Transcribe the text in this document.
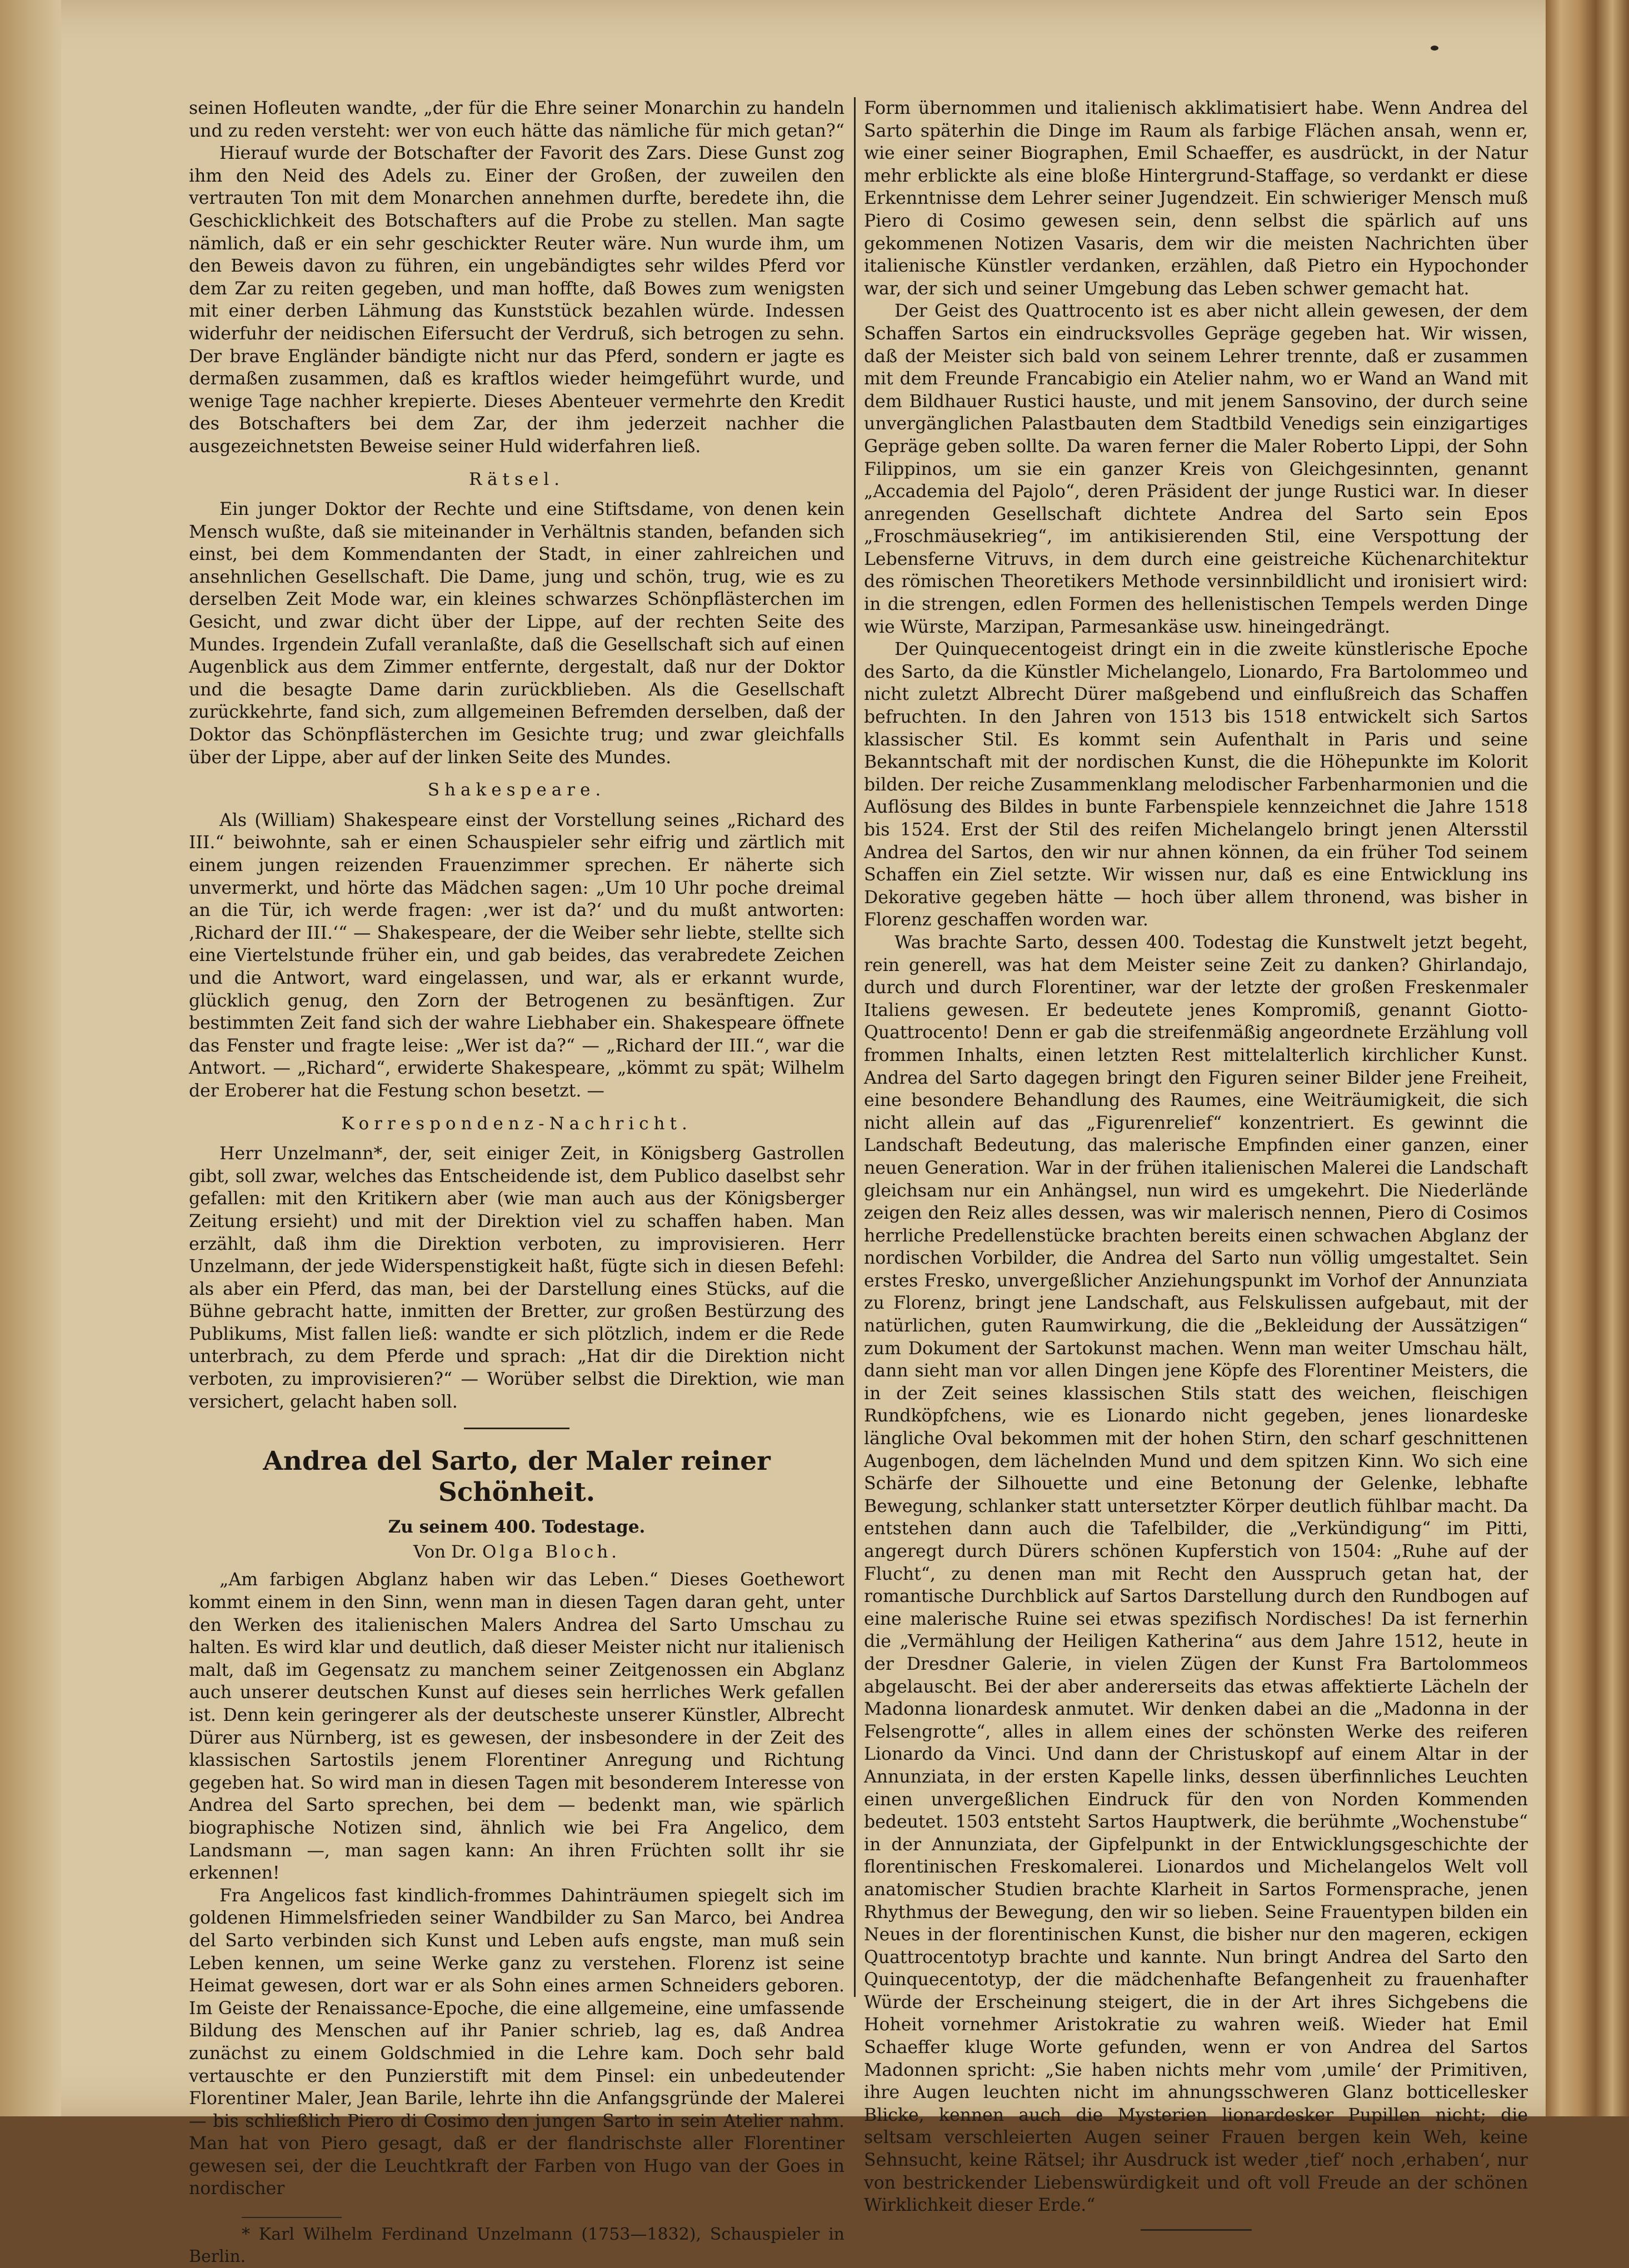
seinen Hofleuten wandte, „der für die Ehre seiner Monarchin zu handeln und zu reden versteht: wer von euch hätte das nämliche für mich getan?“

Hierauf wurde der Botschafter der Favorit des Zars. Diese Gunst zog ihm den Neid des Adels zu. Einer der Großen, der zuweilen den vertrauten Ton mit dem Monarchen annehmen durfte, beredete ihn, die Geschicklichkeit des Botschafters auf die Probe zu stellen. Man sagte nämlich, daß er ein sehr geschickter Reuter wäre. Nun wurde ihm, um den Beweis davon zu führen, ein ungebändigtes sehr wildes Pferd vor dem Zar zu reiten gegeben, und man hoffte, daß Bowes zum wenigsten mit einer derben Lähmung das Kunststück bezahlen würde. Indessen widerfuhr der neidischen Eifersucht der Verdruß, sich betrogen zu sehn. Der brave Engländer bändigte nicht nur das Pferd, sondern er jagte es dermaßen zusammen, daß es kraftlos wieder heimgeführt wurde, und wenige Tage nachher krepierte. Dieses Abenteuer vermehrte den Kredit des Botschafters bei dem Zar, der ihm jederzeit nachher die ausgezeichnetsten Beweise seiner Huld widerfahren ließ.

Rätsel.

Ein junger Doktor der Rechte und eine Stiftsdame, von denen kein Mensch wußte, daß sie miteinander in Verhältnis standen, befanden sich einst, bei dem Kommendanten der Stadt, in einer zahlreichen und ansehnlichen Gesellschaft. Die Dame, jung und schön, trug, wie es zu derselben Zeit Mode war, ein kleines schwarzes Schönpflästerchen im Gesicht, und zwar dicht über der Lippe, auf der rechten Seite des Mundes. Irgendein Zufall veranlaßte, daß die Gesellschaft sich auf einen Augenblick aus dem Zimmer entfernte, dergestalt, daß nur der Doktor und die besagte Dame darin zurückblieben. Als die Gesellschaft zurückkehrte, fand sich, zum allgemeinen Befremden derselben, daß der Doktor das Schönpflästerchen im Gesichte trug; und zwar gleichfalls über der Lippe, aber auf der linken Seite des Mundes.

Shakespeare.

Als (William) Shakespeare einst der Vorstellung seines „Richard des III.“ beiwohnte, sah er einen Schauspieler sehr eifrig und zärtlich mit einem jungen reizenden Frauenzimmer sprechen. Er näherte sich unvermerkt, und hörte das Mädchen sagen: „Um 10 Uhr poche dreimal an die Tür, ich werde fragen: ‚wer ist da?‘ und du mußt antworten: ‚Richard der III.‘“ — Shakespeare, der die Weiber sehr liebte, stellte sich eine Viertelstunde früher ein, und gab beides, das verabredete Zeichen und die Antwort, ward eingelassen, und war, als er erkannt wurde, glücklich genug, den Zorn der Betrogenen zu besänftigen. Zur bestimmten Zeit fand sich der wahre Liebhaber ein. Shakespeare öffnete das Fenster und fragte leise: „Wer ist da?“ — „Richard der III.“, war die Antwort. — „Richard“, erwiderte Shakespeare, „kömmt zu spät; Wilhelm der Eroberer hat die Festung schon besetzt. —

Korrespondenz-Nachricht.

Herr Unzelmann*, der, seit einiger Zeit, in Königsberg Gastrollen gibt, soll zwar, welches das Entscheidende ist, dem Publico daselbst sehr gefallen: mit den Kritikern aber (wie man auch aus der Königsberger Zeitung ersieht) und mit der Direktion viel zu schaffen haben. Man erzählt, daß ihm die Direktion verboten, zu improvisieren. Herr Unzelmann, der jede Widerspenstigkeit haßt, fügte sich in diesen Befehl: als aber ein Pferd, das man, bei der Darstellung eines Stücks, auf die Bühne gebracht hatte, inmitten der Bretter, zur großen Bestürzung des Publikums, Mist fallen ließ: wandte er sich plötzlich, indem er die Rede unterbrach, zu dem Pferde und sprach: „Hat dir die Direktion nicht verboten, zu improvisieren?“ — Worüber selbst die Direktion, wie man versichert, gelacht haben soll.

Andrea del Sarto, der Maler reiner Schönheit.
Zu seinem 400. Todestage.
Von Dr. Olga Bloch.

„Am farbigen Abglanz haben wir das Leben.“ Dieses Goethewort kommt einem in den Sinn, wenn man in diesen Tagen daran geht, unter den Werken des italienischen Malers Andrea del Sarto Umschau zu halten. Es wird klar und deutlich, daß dieser Meister nicht nur italienisch malt, daß im Gegensatz zu manchem seiner Zeitgenossen ein Abglanz auch unserer deutschen Kunst auf dieses sein herrliches Werk gefallen ist. Denn kein geringerer als der deutscheste unserer Künstler, Albrecht Dürer aus Nürnberg, ist es gewesen, der insbesondere in der Zeit des klassischen Sartostils jenem Florentiner Anregung und Richtung gegeben hat. So wird man in diesen Tagen mit besonderem Interesse von Andrea del Sarto sprechen, bei dem — bedenkt man, wie spärlich biographische Notizen sind, ähnlich wie bei Fra Angelico, dem Landsmann —, man sagen kann: An ihren Früchten sollt ihr sie erkennen!

Fra Angelicos fast kindlich-frommes Dahinträumen spiegelt sich im goldenen Himmelsfrieden seiner Wandbilder zu San Marco, bei Andrea del Sarto verbinden sich Kunst und Leben aufs engste, man muß sein Leben kennen, um seine Werke ganz zu verstehen. Florenz ist seine Heimat gewesen, dort war er als Sohn eines armen Schneiders geboren. Im Geiste der Renaissance-Epoche, die eine allgemeine, eine umfassende Bildung des Menschen auf ihr Panier schrieb, lag es, daß Andrea zunächst zu einem Goldschmied in die Lehre kam. Doch sehr bald vertauschte er den Punzierstift mit dem Pinsel: ein unbedeutender Florentiner Maler, Jean Barile, lehrte ihn die Anfangsgründe der Malerei — bis schließlich Piero di Cosimo den jungen Sarto in sein Atelier nahm. Man hat von Piero gesagt, daß er der flandrischste aller Florentiner gewesen sei, der die Leuchtkraft der Farben von Hugo van der Goes in nordischer

* Karl Wilhelm Ferdinand Unzelmann (1753—1832), Schauspieler in Berlin.

Form übernommen und italienisch akklimatisiert habe. Wenn Andrea del Sarto späterhin die Dinge im Raum als farbige Flächen ansah, wenn er, wie einer seiner Biographen, Emil Schaeffer, es ausdrückt, in der Natur mehr erblickte als eine bloße Hintergrund-Staffage, so verdankt er diese Erkenntnisse dem Lehrer seiner Jugendzeit. Ein schwieriger Mensch muß Piero di Cosimo gewesen sein, denn selbst die spärlich auf uns gekommenen Notizen Vasaris, dem wir die meisten Nachrichten über italienische Künstler verdanken, erzählen, daß Pietro ein Hypochonder war, der sich und seiner Umgebung das Leben schwer gemacht hat.

Der Geist des Quattrocento ist es aber nicht allein gewesen, der dem Schaffen Sartos ein eindrucksvolles Gepräge gegeben hat. Wir wissen, daß der Meister sich bald von seinem Lehrer trennte, daß er zusammen mit dem Freunde Francabigio ein Atelier nahm, wo er Wand an Wand mit dem Bildhauer Rustici hauste, und mit jenem Sansovino, der durch seine unvergänglichen Palastbauten dem Stadtbild Venedigs sein einzigartiges Gepräge geben sollte. Da waren ferner die Maler Roberto Lippi, der Sohn Filippinos, um sie ein ganzer Kreis von Gleichgesinnten, genannt „Accademia del Pajolo“, deren Präsident der junge Rustici war. In dieser anregenden Gesellschaft dichtete Andrea del Sarto sein Epos „Froschmäusekrieg“, im antikisierenden Stil, eine Verspottung der Lebensferne Vitruvs, in dem durch eine geistreiche Küchenarchitektur des römischen Theoretikers Methode versinnbildlicht und ironisiert wird: in die strengen, edlen Formen des hellenistischen Tempels werden Dinge wie Würste, Marzipan, Parmesankäse usw. hineingedrängt.

Der Quinquecentogeist dringt ein in die zweite künstlerische Epoche des Sarto, da die Künstler Michelangelo, Lionardo, Fra Bartolommeo und nicht zuletzt Albrecht Dürer maßgebend und einflußreich das Schaffen befruchten. In den Jahren von 1513 bis 1518 entwickelt sich Sartos klassischer Stil. Es kommt sein Aufenthalt in Paris und seine Bekanntschaft mit der nordischen Kunst, die die Höhepunkte im Kolorit bilden. Der reiche Zusammenklang melodischer Farbenharmonien und die Auflösung des Bildes in bunte Farbenspiele kennzeichnet die Jahre 1518 bis 1524. Erst der Stil des reifen Michelangelo bringt jenen Altersstil Andrea del Sartos, den wir nur ahnen können, da ein früher Tod seinem Schaffen ein Ziel setzte. Wir wissen nur, daß es eine Entwicklung ins Dekorative gegeben hätte — hoch über allem thronend, was bisher in Florenz geschaffen worden war.

Was brachte Sarto, dessen 400. Todestag die Kunstwelt jetzt begeht, rein generell, was hat dem Meister seine Zeit zu danken? Ghirlandajo, durch und durch Florentiner, war der letzte der großen Freskenmaler Italiens gewesen. Er bedeutete jenes Kompromiß, genannt Giotto-Quattrocento! Denn er gab die streifenmäßig angeordnete Erzählung voll frommen Inhalts, einen letzten Rest mittelalterlich kirchlicher Kunst. Andrea del Sarto dagegen bringt den Figuren seiner Bilder jene Freiheit, eine besondere Behandlung des Raumes, eine Weiträumigkeit, die sich nicht allein auf das „Figurenrelief“ konzentriert. Es gewinnt die Landschaft Bedeutung, das malerische Empfinden einer ganzen, einer neuen Generation. War in der frühen italienischen Malerei die Landschaft gleichsam nur ein Anhängsel, nun wird es umgekehrt. Die Niederlände zeigen den Reiz alles dessen, was wir malerisch nennen, Piero di Cosimos herrliche Predellenstücke brachten bereits einen schwachen Abglanz der nordischen Vorbilder, die Andrea del Sarto nun völlig umgestaltet. Sein erstes Fresko, unvergeßlicher Anziehungspunkt im Vorhof der Annunziata zu Florenz, bringt jene Landschaft, aus Felskulissen aufgebaut, mit der natürlichen, guten Raumwirkung, die die „Bekleidung der Aussätzigen“ zum Dokument der Sartokunst machen. Wenn man weiter Umschau hält, dann sieht man vor allen Dingen jene Köpfe des Florentiner Meisters, die in der Zeit seines klassischen Stils statt des weichen, fleischigen Rundköpfchens, wie es Lionardo nicht gegeben, jenes lionardeske längliche Oval bekommen mit der hohen Stirn, den scharf geschnittenen Augenbogen, dem lächelnden Mund und dem spitzen Kinn. Wo sich eine Schärfe der Silhouette und eine Betonung der Gelenke, lebhafte Bewegung, schlanker statt untersetzter Körper deutlich fühlbar macht. Da entstehen dann auch die Tafelbilder, die „Verkündigung“ im Pitti, angeregt durch Dürers schönen Kupferstich von 1504: „Ruhe auf der Flucht“, zu denen man mit Recht den Ausspruch getan hat, der romantische Durchblick auf Sartos Darstellung durch den Rundbogen auf eine malerische Ruine sei etwas spezifisch Nordisches! Da ist fernerhin die „Vermählung der Heiligen Katherina“ aus dem Jahre 1512, heute in der Dresdner Galerie, in vielen Zügen der Kunst Fra Bartolommeos abgelauscht. Bei der aber andererseits das etwas affektierte Lächeln der Madonna lionardesk anmutet. Wir denken dabei an die „Madonna in der Felsengrotte“, alles in allem eines der schönsten Werke des reiferen Lionardo da Vinci. Und dann der Christuskopf auf einem Altar in der Annunziata, in der ersten Kapelle links, dessen überfinnliches Leuchten einen unvergeßlichen Eindruck für den von Norden Kommenden bedeutet. 1503 entsteht Sartos Hauptwerk, die berühmte „Wochenstube“ in der Annunziata, der Gipfelpunkt in der Entwicklungsgeschichte der florentinischen Freskomalerei. Lionardos und Michelangelos Welt voll anatomischer Studien brachte Klarheit in Sartos Formensprache, jenen Rhythmus der Bewegung, den wir so lieben. Seine Frauentypen bilden ein Neues in der florentinischen Kunst, die bisher nur den mageren, eckigen Quattrocentotyp brachte und kannte. Nun bringt Andrea del Sarto den Quinquecentotyp, der die mädchenhafte Befangenheit zu frauenhafter Würde der Erscheinung steigert, die in der Art ihres Sichgebens die Hoheit vornehmer Aristokratie zu wahren weiß. Wieder hat Emil Schaeffer kluge Worte gefunden, wenn er von Andrea del Sartos Madonnen spricht: „Sie haben nichts mehr vom ‚umile‘ der Primitiven, ihre Augen leuchten nicht im ahnungsschweren Glanz botticellesker Blicke, kennen auch die Mysterien lionardesker Pupillen nicht; die seltsam verschleierten Augen seiner Frauen bergen kein Weh, keine Sehnsucht, keine Rätsel; ihr Ausdruck ist weder ‚tief‘ noch ‚erhaben‘, nur von bestrickender Liebenswürdigkeit und oft voll Freude an der schönen Wirklichkeit dieser Erde.“
